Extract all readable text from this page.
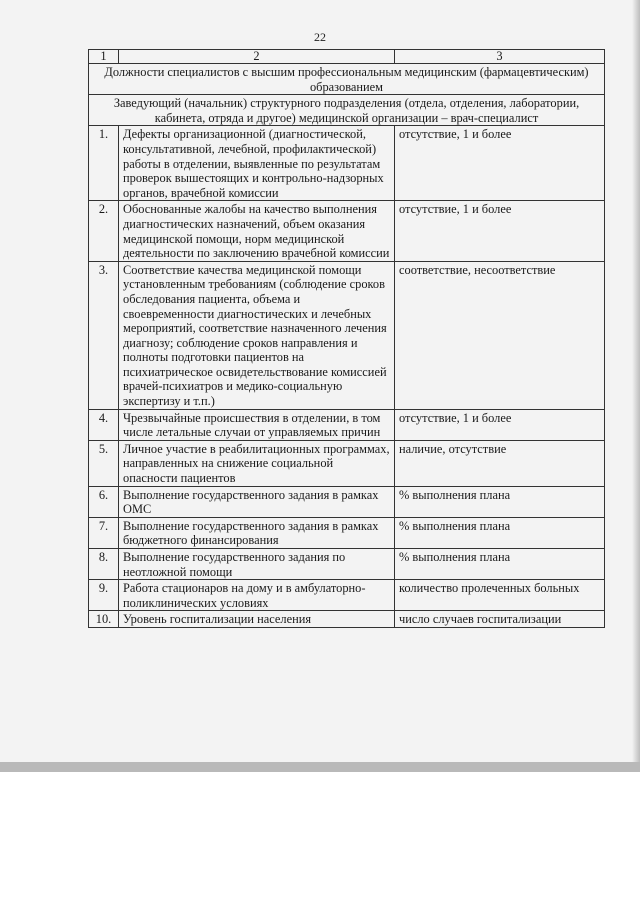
22
1	2	3
Должности специалистов с высшим профессиональным медицинским (фармацевтическим) образованием		
Заведующий (начальник) структурного подразделения (отдела, отделения, лаборатории, кабинета, отряда и другое) медицинской организации – врач-специалист		
1.	Дефекты организационной (диагностической, консультативной, лечебной, профилактической) работы в отделении, выявленные по результатам проверок вышестоящих и контрольно-надзорных органов, врачебной комиссии	отсутствие, 1 и более
2.	Обоснованные жалобы на качество выполнения диагностических назначений, объем оказания медицинской помощи, норм медицинской деятельности по заключению врачебной комиссии	отсутствие, 1 и более
3.	Соответствие качества медицинской помощи установленным требованиям (соблюдение сроков обследования пациента, объема и своевременности диагностических и лечебных мероприятий, соответствие назначенного лечения диагнозу; соблюдение сроков направления и полноты подготовки пациентов на психиатрическое освидетельствование комиссией врачей-психиатров и медико-социальную экспертизу и т.п.)	соответствие, несоответствие
4.	Чрезвычайные происшествия в отделении, в том числе летальные случаи от управляемых причин	отсутствие, 1 и более
5.	Личное участие в реабилитационных программах, направленных на снижение социальной опасности пациентов	наличие, отсутствие
6.	Выполнение государственного задания в рамках ОМС	% выполнения плана
7.	Выполнение государственного задания в рамках бюджетного финансирования	% выполнения плана
8.	Выполнение государственного задания по неотложной помощи	% выполнения плана
9.	Работа стационаров на дому и в амбулаторно-поликлинических условиях	количество пролеченных больных
10.	Уровень госпитализации населения	число случаев госпитализации
